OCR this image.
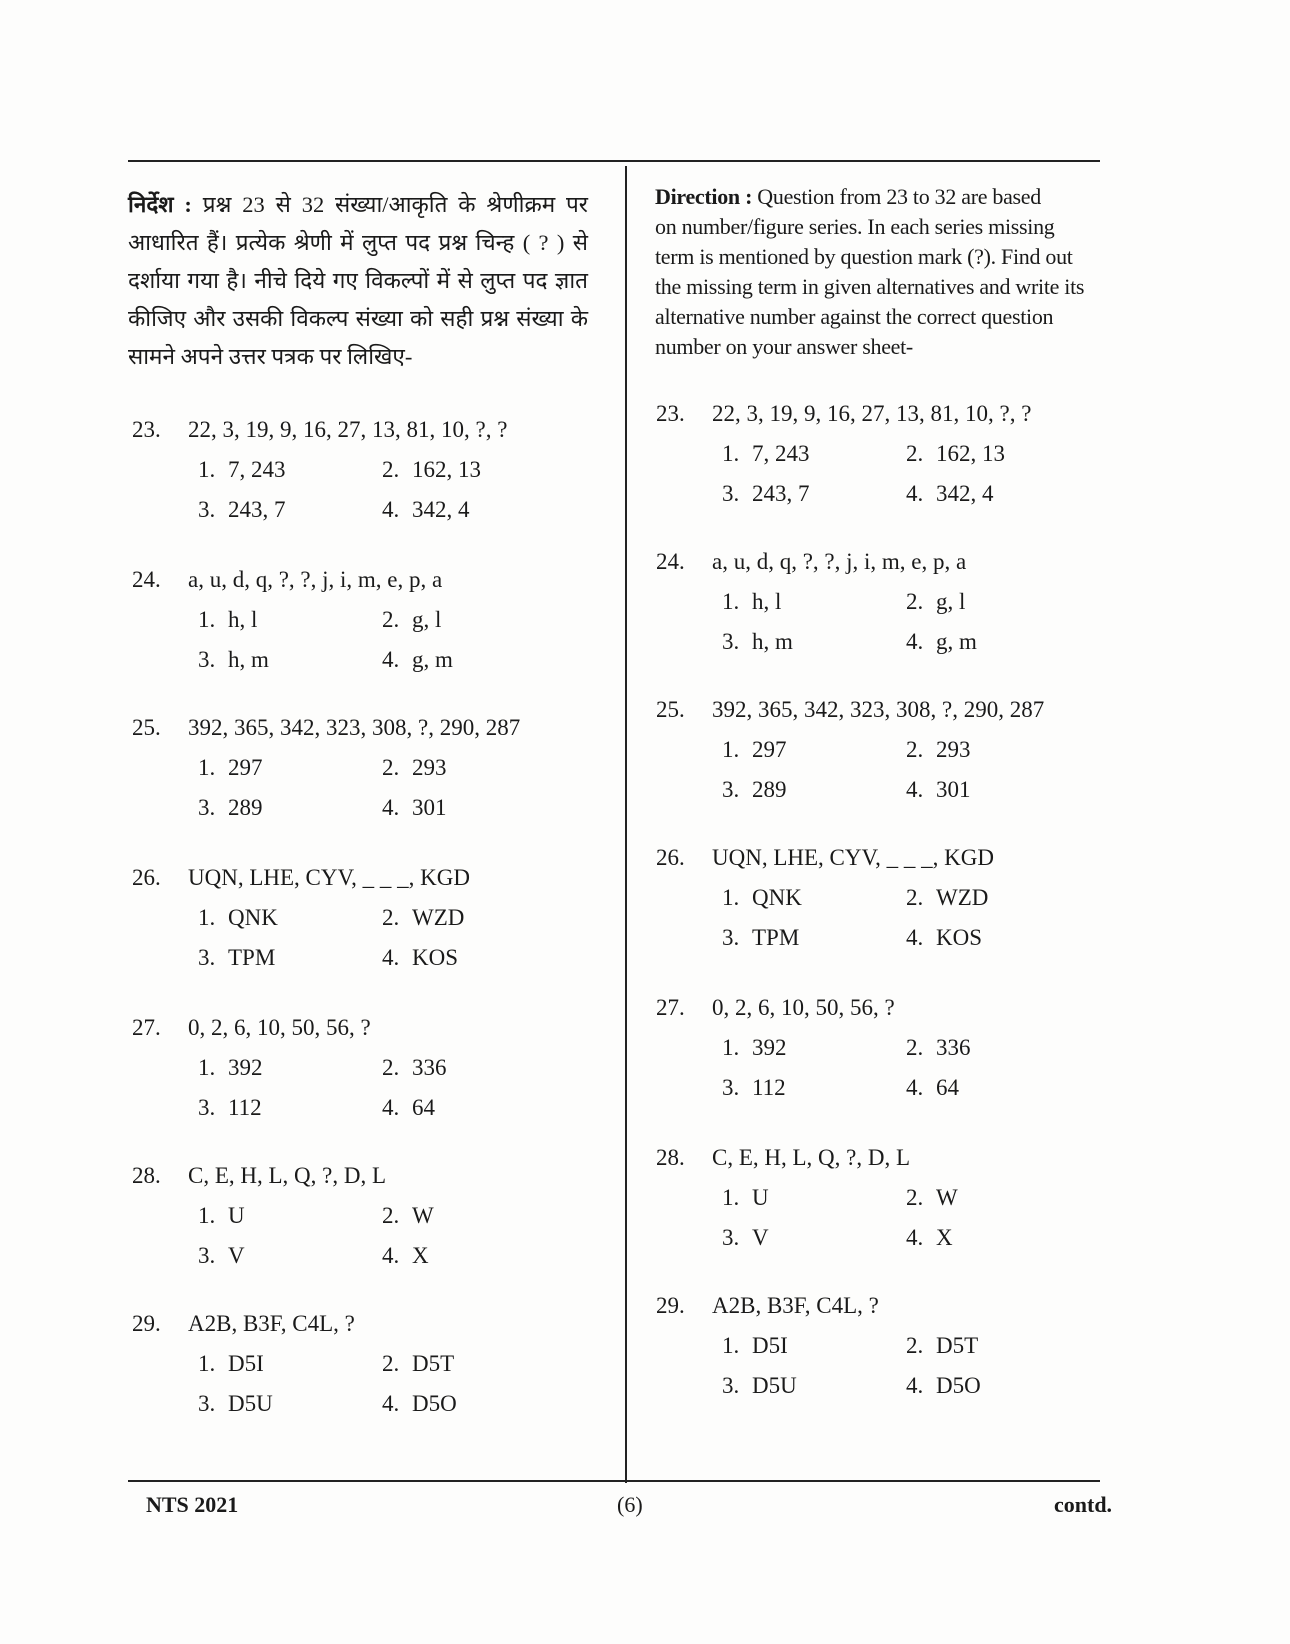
निर्देश : प्रश्न 23 से 32 संख्या/आकृति के श्रेणीक्रम पर आधारित हैं। प्रत्येक श्रेणी में लुप्त पद प्रश्न चिन्ह ( ? ) से दर्शाया गया है। नीचे दिये गए विकल्पों में से लुप्त पद ज्ञात कीजिए और उसकी विकल्प संख्या को सही प्रश्न संख्या के सामने अपने उत्तर पत्रक पर लिखिए-
Direction : Question from 23 to 32 are based
on number/figure series. In each series missing
term is mentioned by question mark (?). Find out
the missing term in given alternatives and write its
alternative number against the correct question
number on your answer sheet-
23. 22, 3, 19, 9, 16, 27, 13, 81, 10, ?, ?
1. 7, 243	2. 162, 13
3. 243, 7	4. 342, 4
24. a, u, d, q, ?, ?, j, i, m, e, p, a
1. h, l	2. g, l
3. h, m	4. g, m
25. 392, 365, 342, 323, 308, ?, 290, 287
1. 297	2. 293
3. 289	4. 301
26. UQN, LHE, CYV, _ _ _, KGD
1. QNK	2. WZD
3. TPM	4. KOS
27. 0, 2, 6, 10, 50, 56, ?
1. 392	2. 336
3. 112	4. 64
28. C, E, H, L, Q, ?, D, L
1. U	2. W
3. V	4. X
29. A2B, B3F, C4L, ?
1. D5I	2. D5T
3. D5U	4. D5O
23. 22, 3, 19, 9, 16, 27, 13, 81, 10, ?, ?
1. 7, 243	2. 162, 13
3. 243, 7	4. 342, 4
24. a, u, d, q, ?, ?, j, i, m, e, p, a
1. h, l	2. g, l
3. h, m	4. g, m
25. 392, 365, 342, 323, 308, ?, 290, 287
1. 297	2. 293
3. 289	4. 301
26. UQN, LHE, CYV, _ _ _, KGD
1. QNK	2. WZD
3. TPM	4. KOS
27. 0, 2, 6, 10, 50, 56, ?
1. 392	2. 336
3. 112	4. 64
28. C, E, H, L, Q, ?, D, L
1. U	2. W
3. V	4. X
29. A2B, B3F, C4L, ?
1. D5I	2. D5T
3. D5U	4. D5O
NTS 2021	(6)	contd.
